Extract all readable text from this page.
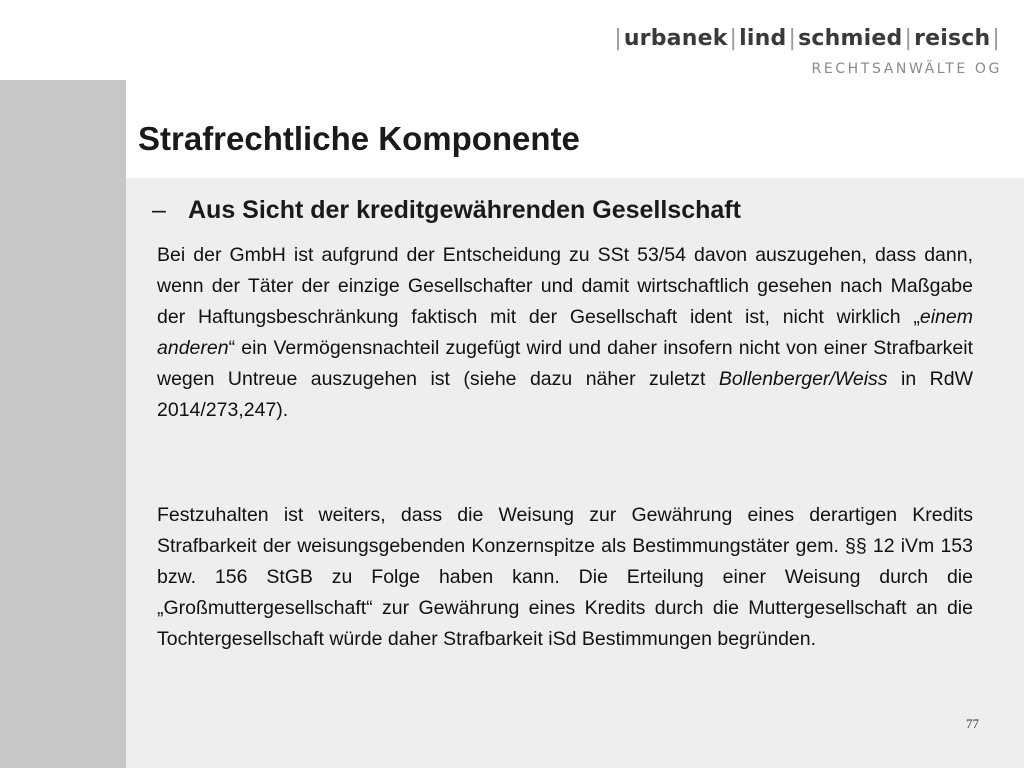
|urbanek|lind|schmied|reisch|
RECHTSANWÄLTE OG
Strafrechtliche Komponente
– Aus Sicht der kreditgewährenden Gesellschaft
Bei der GmbH ist aufgrund der Entscheidung zu SSt 53/54 davon auszugehen, dass dann, wenn der Täter der einzige Gesellschafter und damit wirtschaftlich gesehen nach Maßgabe der Haftungsbeschränkung faktisch mit der Gesellschaft ident ist, nicht wirklich „einem anderen“ ein Vermögensnachteil zugefügt wird und daher insofern nicht von einer Strafbarkeit wegen Untreue auszugehen ist (siehe dazu näher zuletzt Bollenberger/Weiss in RdW 2014/273,247).
Festzuhalten ist weiters, dass die Weisung zur Gewährung eines derartigen Kredits Strafbarkeit der weisungsgebenden Konzernspitze als Bestimmungstäter gem. §§ 12 iVm 153 bzw. 156 StGB zu Folge haben kann. Die Erteilung einer Weisung durch die „Großmuttergesellschaft“ zur Gewährung eines Kredits durch die Muttergesellschaft an die Tochtergesellschaft würde daher Strafbarkeit iSd Bestimmungen begründen.
77
